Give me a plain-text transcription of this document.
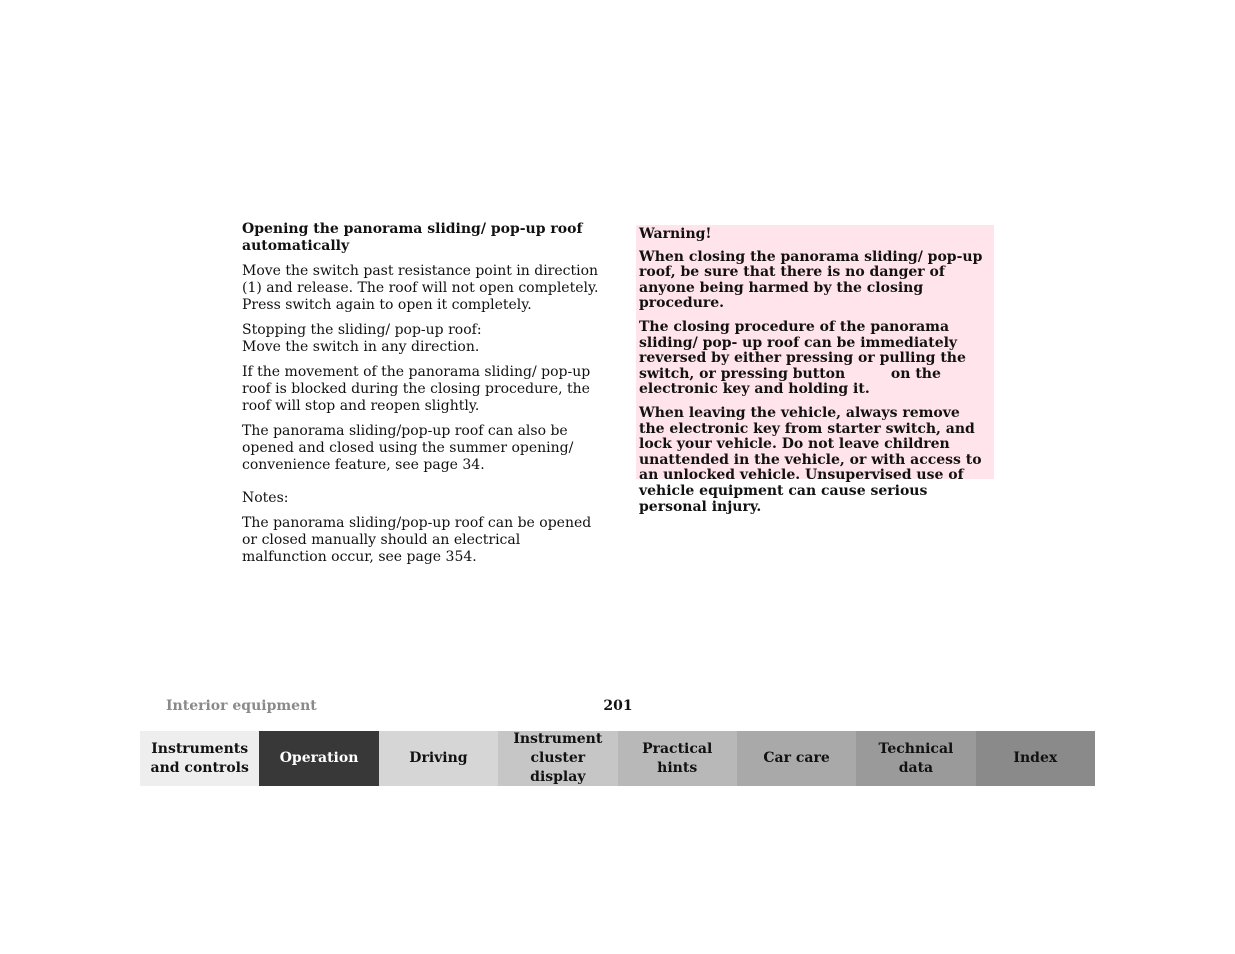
Opening the panorama sliding/ pop-up roof automatically

Move the switch past resistance point in direction (1) and release. The roof will not open completely. Press switch again to open it completely.

Stopping the sliding/ pop-up roof:
Move the switch in any direction.

If the movement of the panorama sliding/ pop-up roof is blocked during the closing procedure, the roof will stop and reopen slightly.

The panorama sliding/pop-up roof can also be opened and closed using the summer opening/ convenience feature, see page 34.

Notes:

The panorama sliding/pop-up roof can be opened or closed manually should an electrical malfunction occur, see page 354.

Warning!

When closing the panorama sliding/ pop-up roof, be sure that there is no danger of anyone being harmed by the closing procedure.

The closing procedure of the panorama sliding/ pop- up roof can be immediately reversed by either pressing or pulling the switch, or pressing button	on the electronic key and holding it.

When leaving the vehicle, always remove the electronic key from starter switch, and lock your vehicle. Do not leave children unattended in the vehicle, or with access to an unlocked vehicle. Unsupervised use of vehicle equipment can cause serious personal injury.

Interior equipment	201
Instruments
and controls
Operation	Driving
Instrument
cluster display
Practical hints
Car care
Technical
data
Index
